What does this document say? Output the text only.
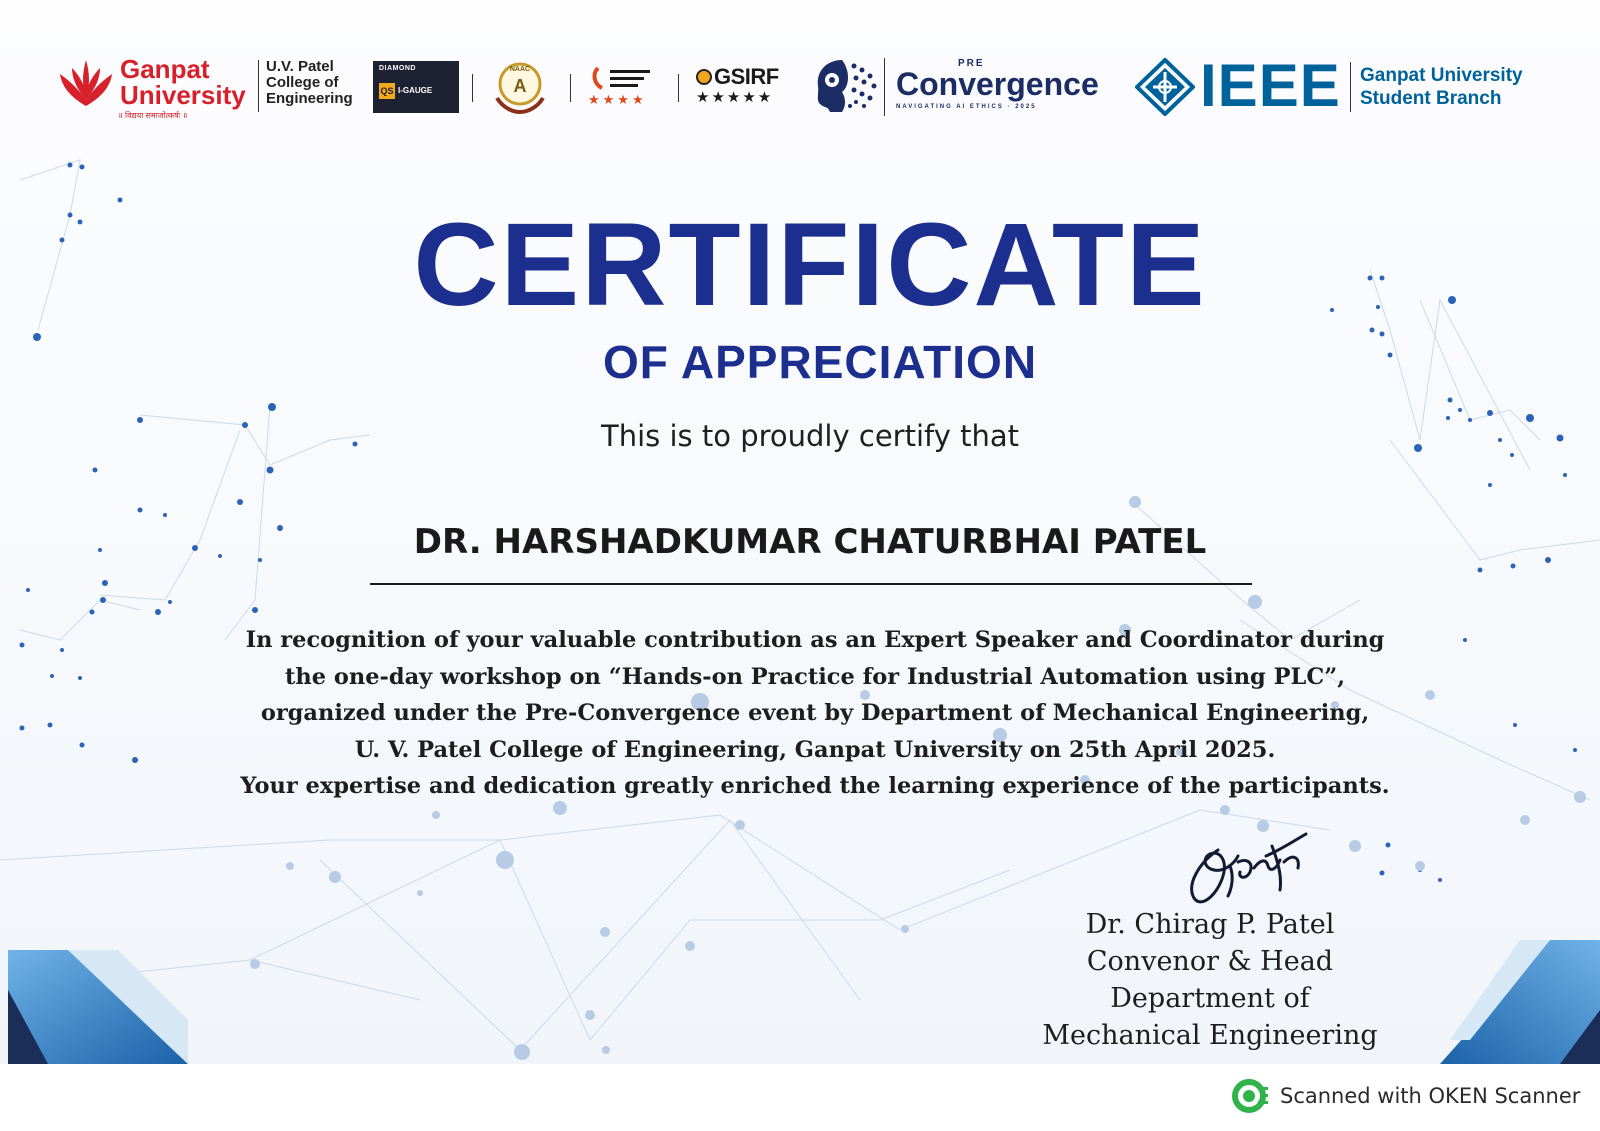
Ganpat
University
॥ विद्यया समाजोत्कर्षः ॥
U.V. Patel
College of
Engineering
DIAMOND
QS I-GAUGE
NAAC
A
★★★★
GSIRF
★★★★★
PRE
Convergence
NAVIGATING AI ETHICS · 2025	IEEE Ganpat University
Student Branch
CERTIFICATE
OF APPRECIATION
This is to proudly certify that
DR. HARSHADKUMAR CHATURBHAI PATEL
In recognition of your valuable contribution as an Expert Speaker and Coordinator during
the one-day workshop on “Hands-on Practice for Industrial Automation using PLC”,
organized under the Pre-Convergence event by Department of Mechanical Engineering,
U. V. Patel College of Engineering, Ganpat University on 25th April 2025.
Your expertise and dedication greatly enriched the learning experience of the participants.
Dr. Chirag P. Patel
Convenor & Head
Department of
Mechanical Engineering
Scanned with OKEN Scanner
